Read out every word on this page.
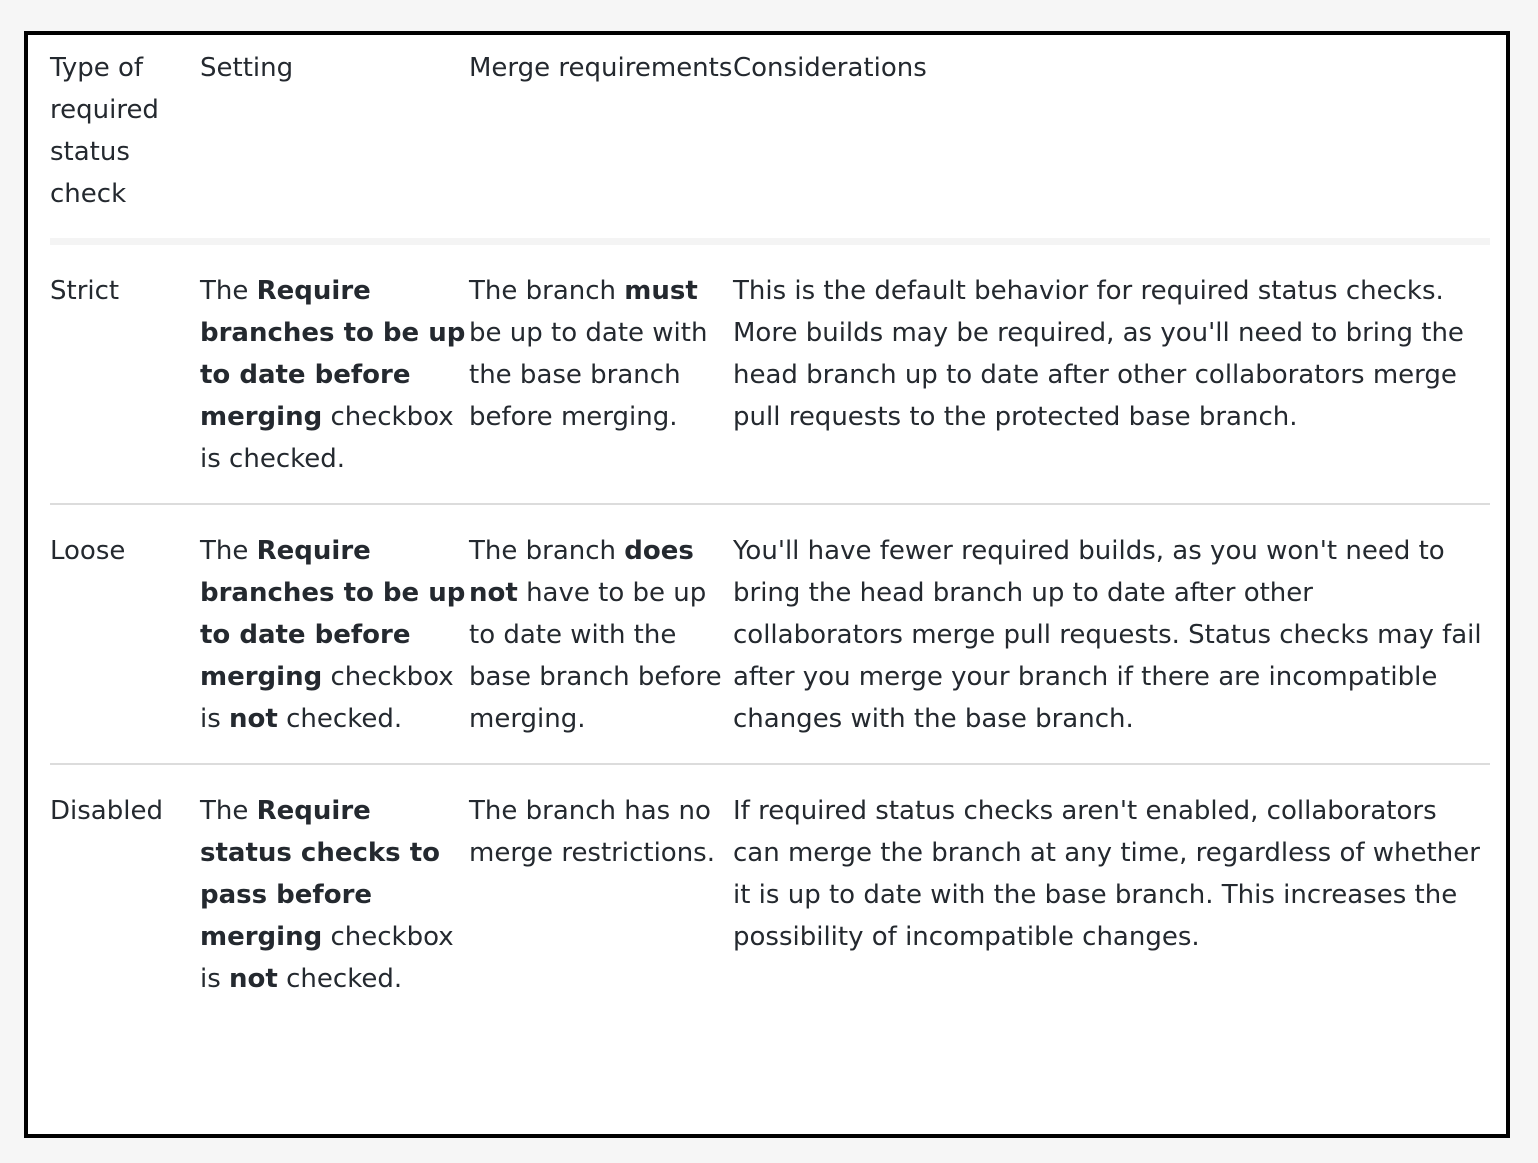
Type of required status check	Setting	Merge requirements	Considerations
Strict	The Require branches to be up to date before merging checkbox is checked.	The branch must be up to date with the base branch before merging.	This is the default behavior for required status checks. More builds may be required, as you'll need to bring the head branch up to date after other collaborators merge pull requests to the protected base branch.
Loose	The Require branches to be up to date before merging checkbox is not checked.	The branch does not have to be up to date with the base branch before merging.	You'll have fewer required builds, as you won't need to bring the head branch up to date after other collaborators merge pull requests. Status checks may fail after you merge your branch if there are incompatible changes with the base branch.
Disabled	The Require status checks to pass before merging checkbox is not checked.	The branch has no merge restrictions.	If required status checks aren't enabled, collaborators can merge the branch at any time, regardless of whether it is up to date with the base branch. This increases the possibility of incompatible changes.
